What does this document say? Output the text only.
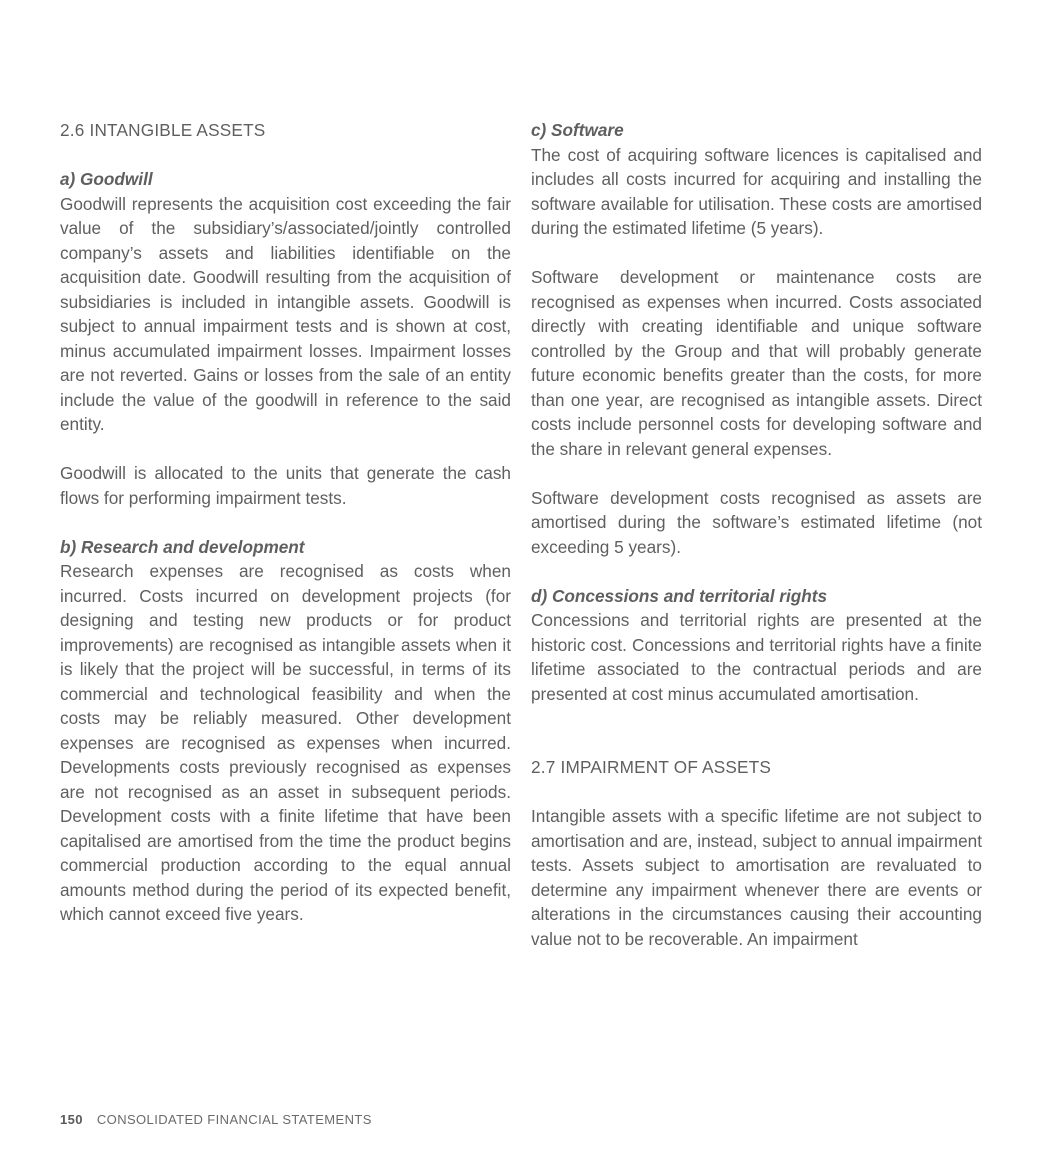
2.6 INTANGIBLE ASSETS
a) Goodwill

Goodwill represents the acquisition cost exceeding the fair value of the subsidiary’s/associated/jointly controlled company’s assets and liabilities identifiable on the acquisition date. Goodwill resulting from the acquisition of subsidiaries is included in intangible assets. Goodwill is subject to annual impairment tests and is shown at cost, minus accumulated impairment losses. Impairment losses are not reverted. Gains or losses from the sale of an entity include the value of the goodwill in reference to the said entity.

Goodwill is allocated to the units that generate the cash flows for performing impairment tests.

b) Research and development

Research expenses are recognised as costs when incurred. Costs incurred on development projects (for designing and testing new products or for product improvements) are recognised as intangible assets when it is likely that the project will be successful, in terms of its commercial and technological feasibility and when the costs may be reliably measured. Other development expenses are recognised as expenses when incurred. Developments costs previously recognised as expenses are not recognised as an asset in subsequent periods. Development costs with a finite lifetime that have been capitalised are amortised from the time the product begins commercial production according to the equal annual amounts method during the period of its expected benefit, which cannot exceed five years.

c) Software

The cost of acquiring software licences is capitalised and includes all costs incurred for acquiring and installing the software available for utilisation. These costs are amortised during the estimated lifetime (5 years).

Software development or maintenance costs are recognised as expenses when incurred. Costs associated directly with creating identifiable and unique software controlled by the Group and that will probably generate future economic benefits greater than the costs, for more than one year, are recognised as intangible assets. Direct costs include personnel costs for developing software and the share in relevant general expenses.

Software development costs recognised as assets are amortised during the software’s estimated lifetime (not exceeding 5 years).

d) Concessions and territorial rights

Concessions and territorial rights are presented at the historic cost. Concessions and territorial rights have a finite lifetime associated to the contractual periods and are presented at cost minus accumulated amortisation.

2.7 IMPAIRMENT OF ASSETS

Intangible assets with a specific lifetime are not subject to amortisation and are, instead, subject to annual impairment tests. Assets subject to amortisation are revaluated to determine any impairment whenever there are events or alterations in the circumstances causing their accounting value not to be recoverable. An impairment

150 CONSOLIDATED FINANCIAL STATEMENTS
